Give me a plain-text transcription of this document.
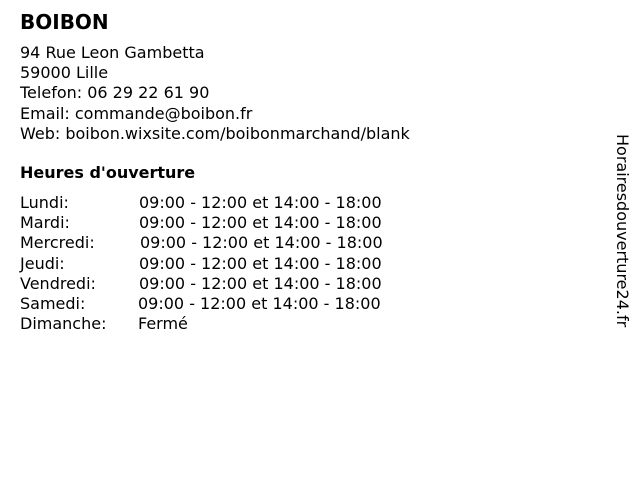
BOIBON
94 Rue Leon Gambetta
59000 Lille
Telefon: 06 29 22 61 90
Email: commande@boibon.fr
Web: boibon.wixsite.com/boibonmarchand/blank
Heures d'ouverture
Lundi:	09:00 - 12:00 et 14:00 - 18:00
Mardi:	09:00 - 12:00 et 14:00 - 18:00
Mercredi:	09:00 - 12:00 et 14:00 - 18:00
Jeudi:	09:00 - 12:00 et 14:00 - 18:00
Vendredi:	09:00 - 12:00 et 14:00 - 18:00
Samedi:	09:00 - 12:00 et 14:00 - 18:00
Dimanche: Fermé	Horairesdouverture24.fr
